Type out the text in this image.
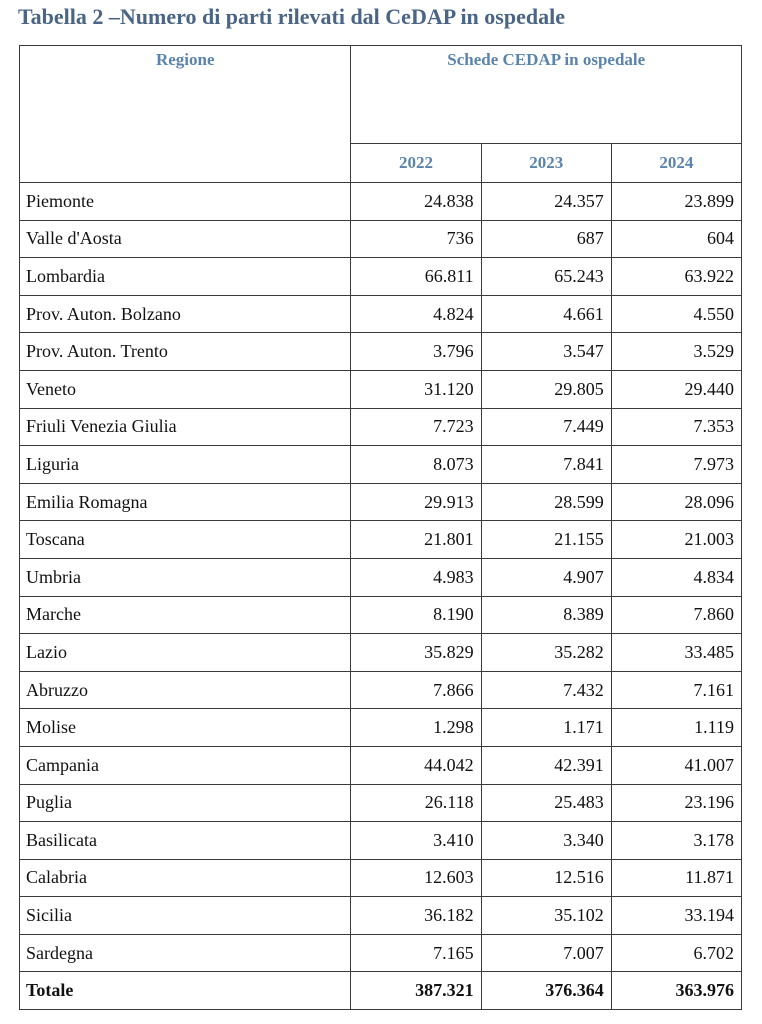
Tabella 2 –Numero di parti rilevati dal CeDAP in ospedale
Regione	Schede CEDAP in ospedale		
	2022	2023	2024
Piemonte	24.838	24.357	23.899
Valle d'Aosta	736	687	604
Lombardia	66.811	65.243	63.922
Prov. Auton. Bolzano	4.824	4.661	4.550
Prov. Auton. Trento	3.796	3.547	3.529
Veneto	31.120	29.805	29.440
Friuli Venezia Giulia	7.723	7.449	7.353
Liguria	8.073	7.841	7.973
Emilia Romagna	29.913	28.599	28.096
Toscana	21.801	21.155	21.003
Umbria	4.983	4.907	4.834
Marche	8.190	8.389	7.860
Lazio	35.829	35.282	33.485
Abruzzo	7.866	7.432	7.161
Molise	1.298	1.171	1.119
Campania	44.042	42.391	41.007
Puglia	26.118	25.483	23.196
Basilicata	3.410	3.340	3.178
Calabria	12.603	12.516	11.871
Sicilia	36.182	35.102	33.194
Sardegna	7.165	7.007	6.702
Totale	387.321	376.364	363.976
